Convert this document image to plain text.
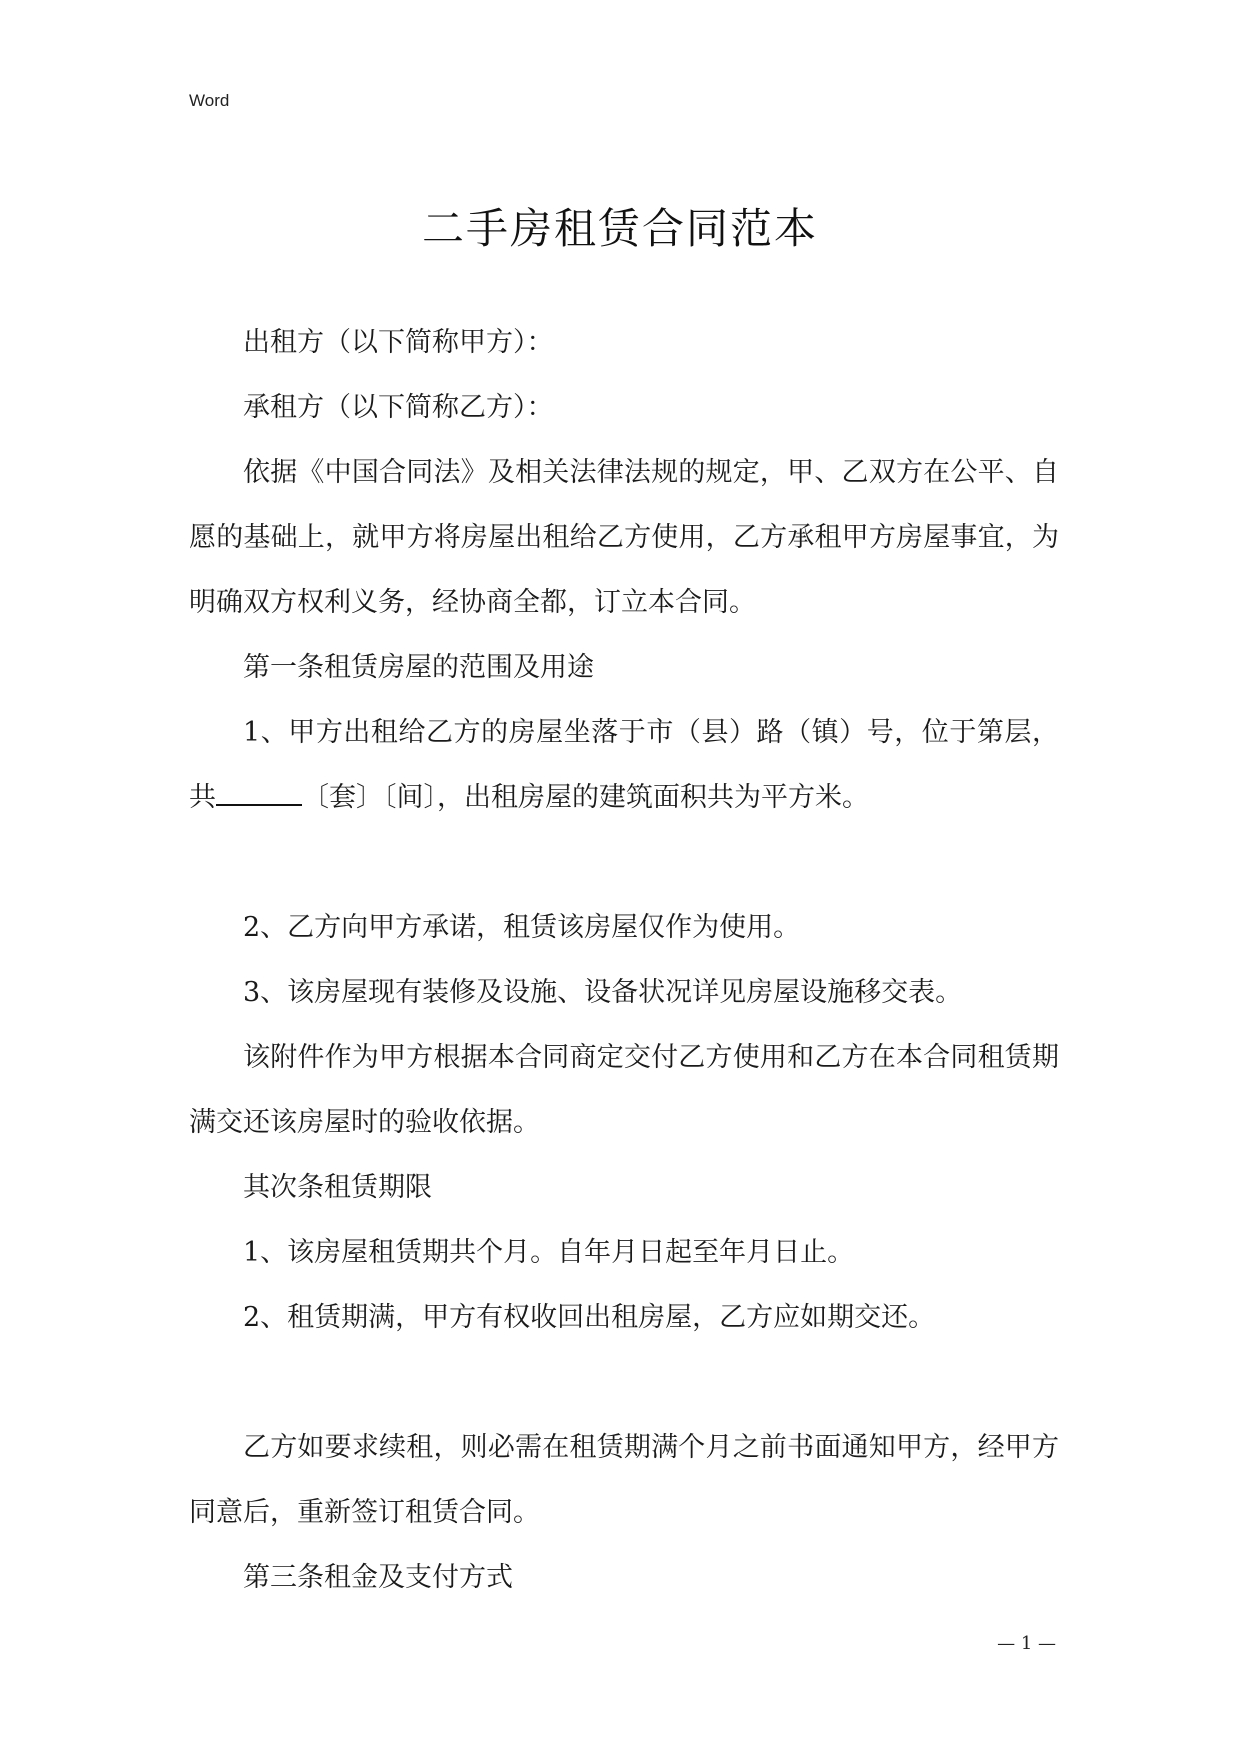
Word
二手房租赁合同范本

出租方（以下简称甲方）：

承租方（以下简称乙方）：

依据《中国合同法》及相关法律法规的规定，甲、乙双方在公平、自愿的基础上，就甲方将房屋出租给乙方使用，乙方承租甲方房屋事宜，为明确双方权利义务，经协商全都，订立本合同。

第一条租赁房屋的范围及用途

1、甲方出租给乙方的房屋坐落于市（县）路（镇）号，位于第层，共	〔套〕〔间〕，出租房屋的建筑面积共为平方米。

2、乙方向甲方承诺，租赁该房屋仅作为使用。

3、该房屋现有装修及设施、设备状况详见房屋设施移交表。

该附件作为甲方根据本合同商定交付乙方使用和乙方在本合同租赁期满交还该房屋时的验收依据。

其次条租赁期限

1、该房屋租赁期共个月。自年月日起至年月日止。

2、租赁期满，甲方有权收回出租房屋，乙方应如期交还。

乙方如要求续租，则必需在租赁期满个月之前书面通知甲方，经甲方同意后，重新签订租赁合同。

第三条租金及支付方式

— 1 —
